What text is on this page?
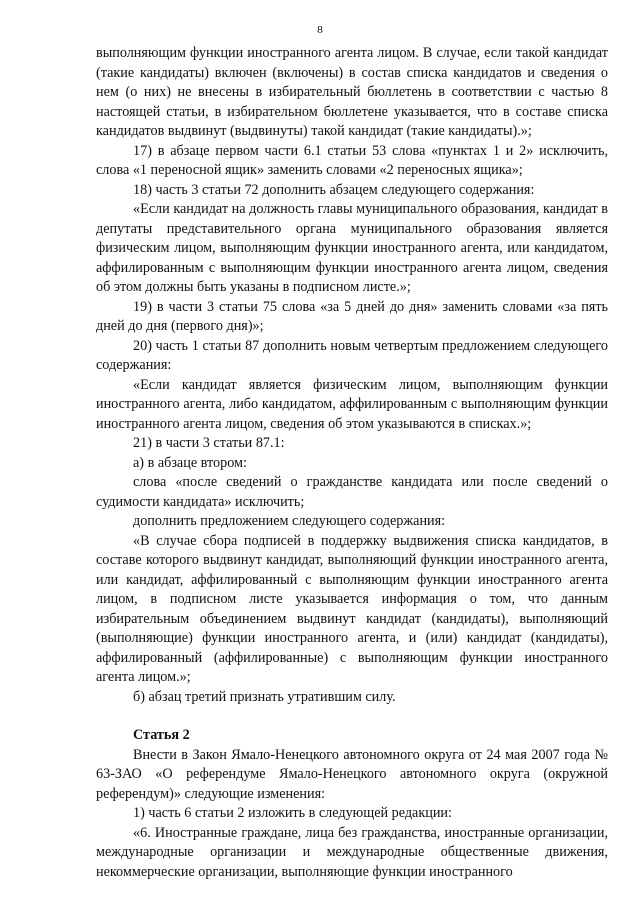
8

выполняющим функции иностранного агента лицом. В случае, если такой кандидат (такие кандидаты) включен (включены) в состав списка кандидатов и сведения о нем (о них) не внесены в избирательный бюллетень в соответствии с частью 8 настоящей статьи, в избирательном бюллетене указывается, что в составе списка кандидатов выдвинут (выдвинуты) такой кандидат (такие кандидаты).»;

17) в абзаце первом части 6.1 статьи 53 слова «пунктах 1 и 2» исключить, слова «1 переносной ящик» заменить словами «2 переносных ящика»;

18) часть 3 статьи 72 дополнить абзацем следующего содержания:

«Если кандидат на должность главы муниципального образования, кандидат в депутаты представительного органа муниципального образования является физическим лицом, выполняющим функции иностранного агента, или кандидатом, аффилированным с выполняющим функции иностранного агента лицом, сведения об этом должны быть указаны в подписном листе.»;

19) в части 3 статьи 75 слова «за 5 дней до дня» заменить словами «за пять дней до дня (первого дня)»;

20) часть 1 статьи 87 дополнить новым четвертым предложением следующего содержания:

«Если кандидат является физическим лицом, выполняющим функции иностранного агента, либо кандидатом, аффилированным с выполняющим функции иностранного агента лицом, сведения об этом указываются в списках.»;

21) в части 3 статьи 87.1:

а) в абзаце втором:

слова «после сведений о гражданстве кандидата или после сведений о судимости кандидата» исключить;

дополнить предложением следующего содержания:

«В случае сбора подписей в поддержку выдвижения списка кандидатов, в составе которого выдвинут кандидат, выполняющий функции иностранного агента, или кандидат, аффилированный с выполняющим функции иностранного агента лицом, в подписном листе указывается информация о том, что данным избирательным объединением выдвинут кандидат (кандидаты), выполняющий (выполняющие) функции иностранного агента, и (или) кандидат (кандидаты), аффилированный (аффилированные) с выполняющим функции иностранного агента лицом.»;

б) абзац третий признать утратившим силу.

Статья 2

Внести в Закон Ямало-Ненецкого автономного округа от 24 мая 2007 года № 63-ЗАО «О референдуме Ямало-Ненецкого автономного округа (окружной референдум)» следующие изменения:

1) часть 6 статьи 2 изложить в следующей редакции:

«6. Иностранные граждане, лица без гражданства, иностранные организации, международные организации и международные общественные движения, некоммерческие организации, выполняющие функции иностранного
